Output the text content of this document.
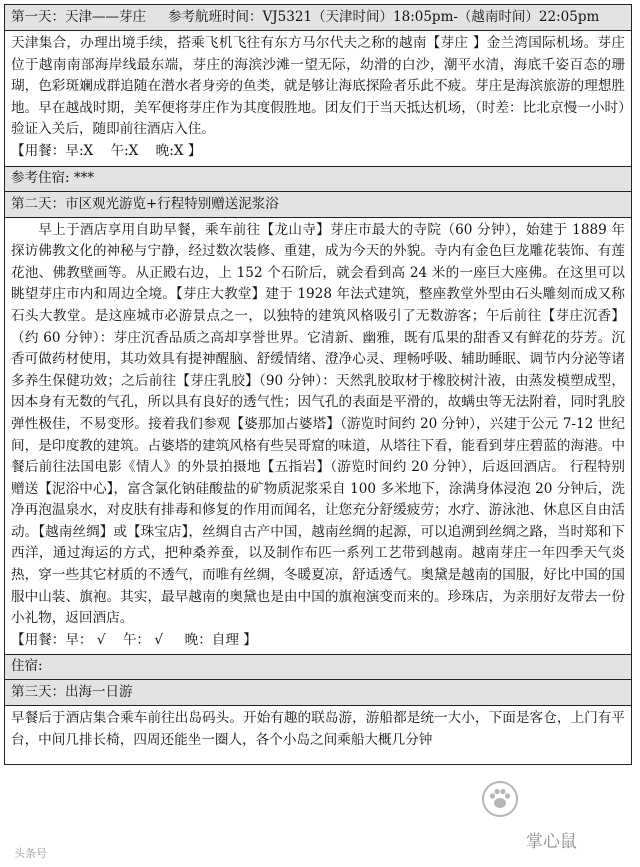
第一天：天津——芽庄 参考航班时间：VJ5321（天津时间）18:05pm-（越南时间）22:05pm

天津集合，办理出境手续，搭乘飞机飞往有东方马尔代夫之称的越南【芽庄 】金兰湾国际机场。芽庄位于越南南部海岸线最东端，芽庄的海滨沙滩一望无际，幼滑的白沙，潮平水清，海底千姿百态的珊瑚，色彩斑斓成群追随在潜水者身旁的鱼类，就是够让海底探险者乐此不疲。芽庄是海滨旅游的理想胜地。早在越战时期，美军便将芽庄作为其度假胜地。团友们于当天抵达机场，（时差：比北京慢一小时）验证入关后，随即前往酒店入住。

【用餐：早:X    午:X    晚:X 】
参考住宿: ***
第二天：市区观光游览+行程特别赠送泥浆浴

早上于酒店享用自助早餐，乘车前往【龙山寺】芽庄市最大的寺院（60 分钟），始建于 1889 年探访佛教文化的神秘与宁静，经过数次装修、重建，成为今天的外貌。寺内有金色巨龙雕花装饰、有莲花池、佛教壁画等。从正殿右边，上 152 个石阶后，就会看到高 24 米的一座巨大座佛。在这里可以眺望芽庄市内和周边全境。【芽庄大教堂】建于 1928 年法式建筑，整座教堂外型由石头雕刻而成又称石头大教堂。是这座城市必游景点之一，以独特的建筑风格吸引了无数游客；午后前往【芽庄沉香】（约 60 分钟）：芽庄沉香品质之高却享誉世界。它清新、幽雅，既有瓜果的甜香又有鲜花的芬芳。沉香可做药材使用，其功效具有提神醒脑、舒缓情绪、澄净心灵、理畅呼吸、辅助睡眠、调节内分泌等诸多养生保健功效；之后前往【芽庄乳胶】（90 分钟）：天然乳胶取材于橡胶树汁液，由蒸发模塑成型，因本身有无数的气孔，所以具有良好的透气性；因气孔的表面是平滑的，故螨虫等无法附着，同时乳胶弹性极佳，不易变形。接着我们参观【婆那加占婆塔】（游览时间约 20 分钟），兴建于公元 7-12 世纪间，是印度教的建筑。占婆塔的建筑风格有些吴哥窟的味道，从塔往下看，能看到芽庄碧蓝的海港。中餐后前往法国电影《情人》的外景拍摄地【五指岩】（游览时间约 20 分钟），后返回酒店。 行程特别赠送【泥浴中心】，富含氯化钠硅酸盐的矿物质泥浆采自 100 多米地下，涂满身体浸泡 20 分钟后，洗净再泡温泉水，对皮肤有排毒和修复的作用而闻名，让您充分舒缓疲劳；水疗、游泳池、休息区自由活动。【越南丝绸】或【珠宝店】，丝绸自古产中国，越南丝绸的起源，可以追溯到丝绸之路，当时郑和下西洋，通过海运的方式，把种桑养蚕，以及制作布匹一系列工艺带到越南。越南芽庄一年四季天气炎热，穿一些其它材质的不透气，而唯有丝绸，冬暖夏凉，舒适透气。奥黛是越南的国服，好比中国的国服中山装、旗袍。其实，最早越南的奥黛也是由中国的旗袍演变而来的。珍珠店，为亲朋好友带去一份小礼物，返回酒店。

【用餐：早： √    午： √     晚：自理 】
住宿:
第三天：出海一日游

早餐后于酒店集合乘车前往出岛码头。开始有趣的联岛游，游船都是统一大小，下面是客仓，上门有平台，中间几排长椅，四周还能坐一圈人，各个小岛之间乘船大概几分钟

头条号
掌心鼠
